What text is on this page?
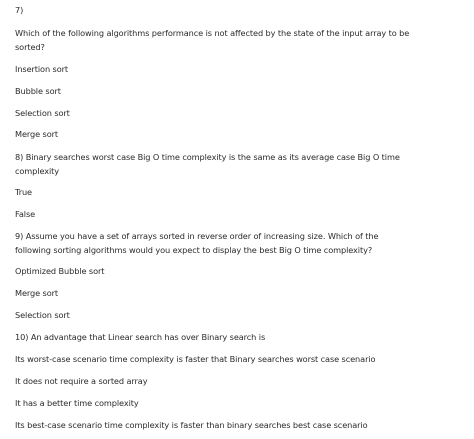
7)
Which of the following algorithms performance is not affected by the state of the input array to be sorted?
Insertion sort
Bubble sort
Selection sort
Merge sort
8) Binary searches worst case Big O time complexity is the same as its average case Big O time complexity
True
False
9) Assume you have a set of arrays sorted in reverse order of increasing size. Which of the following sorting algorithms would you expect to display the best Big O time complexity?
Optimized Bubble sort
Merge sort
Selection sort
10) An advantage that Linear search has over Binary search is
Its worst-case scenario time complexity is faster that Binary searches worst case scenario
It does not require a sorted array
It has a better time complexity
Its best-case scenario time complexity is faster than binary searches best case scenario
